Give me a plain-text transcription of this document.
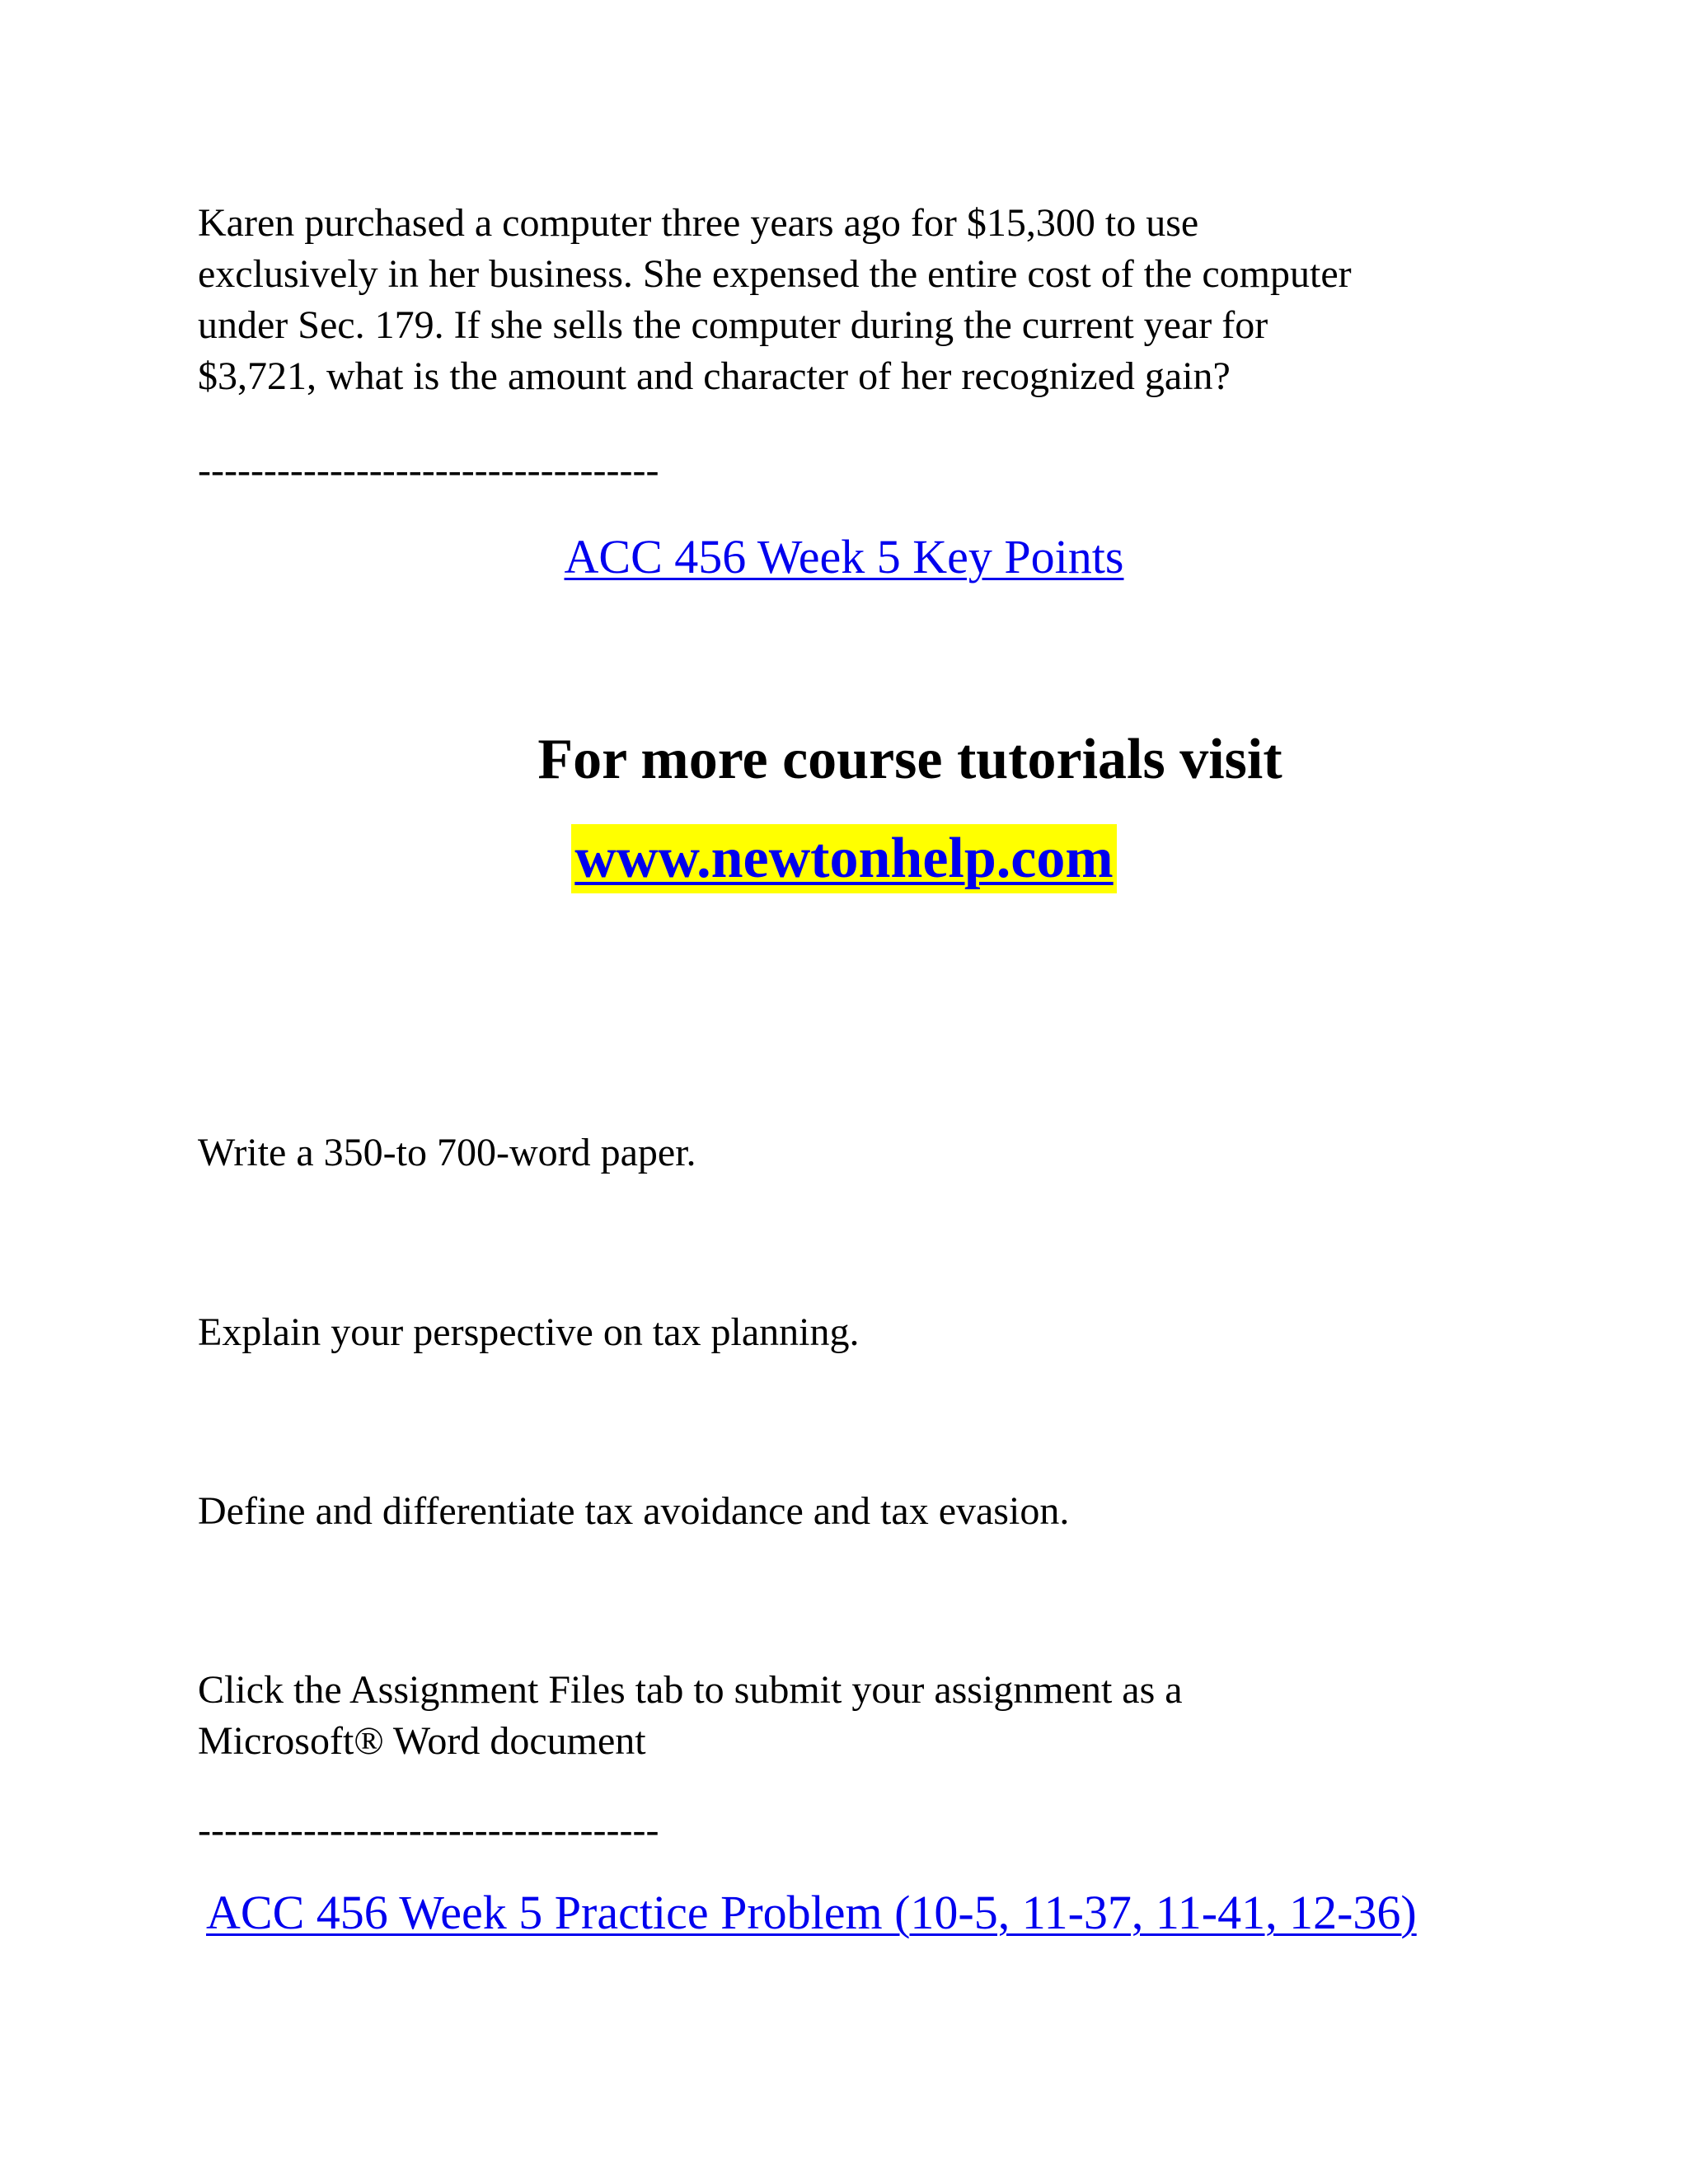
Karen purchased a computer three years ago for $15,300 to use
exclusively in her business. She expensed the entire cost of the computer
under Sec. 179. If she sells the computer during the current year for
$3,721, what is the amount and character of her recognized gain?

-----------------------------------
ACC 456 Week 5 Key Points
For more course tutorials visit
www.newtonhelp.com

Write a 350-to 700-word paper.

Explain your perspective on tax planning.

Define and differentiate tax avoidance and tax evasion.

Click the Assignment Files tab to submit your assignment as a
Microsoft® Word document

-----------------------------------
ACC 456 Week 5 Practice Problem (10-5, 11-37, 11-41, 12-36)
